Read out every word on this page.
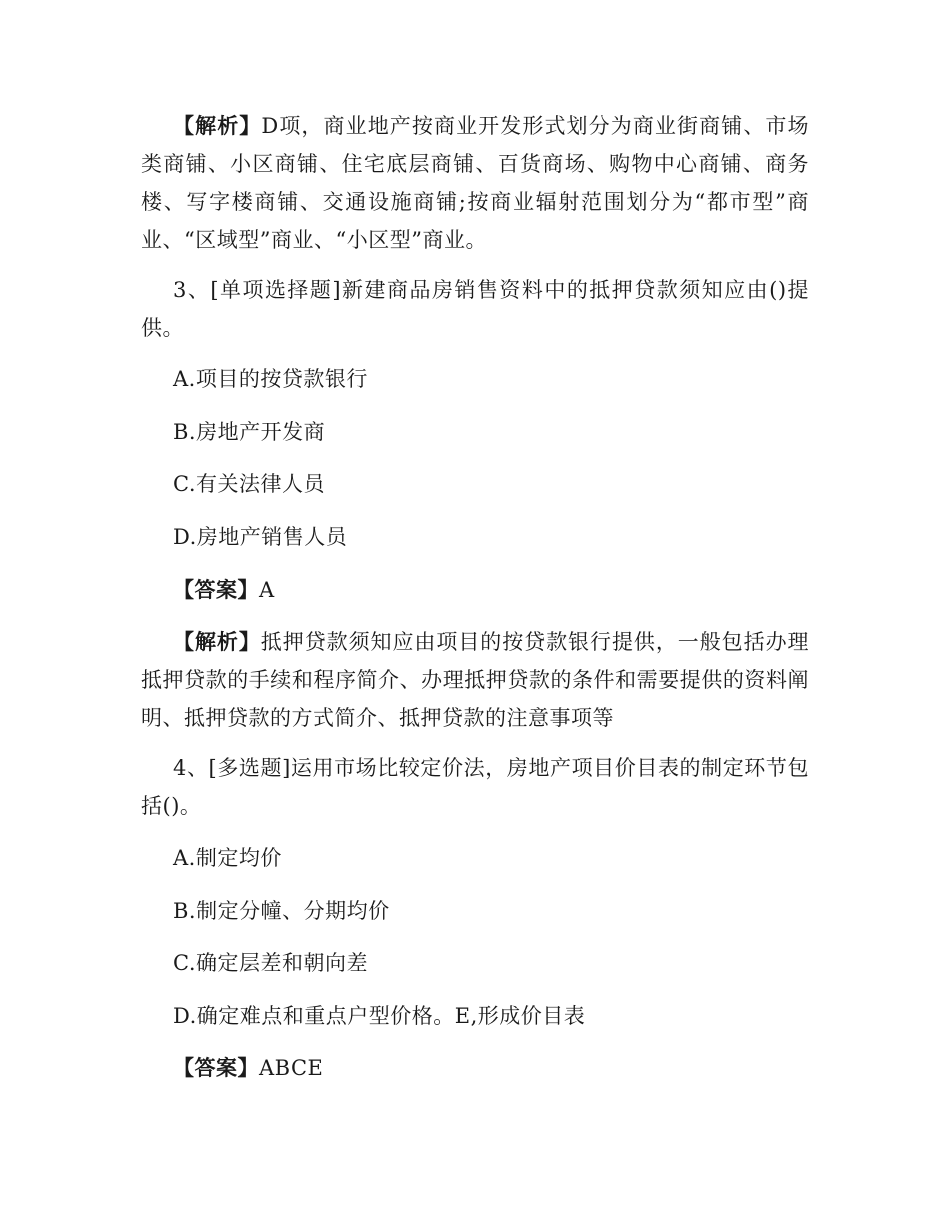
【解析】D项，商业地产按商业开发形式划分为商业街商铺、市场类商铺、小区商铺、住宅底层商铺、百货商场、购物中心商铺、商务楼、写字楼商铺、交通设施商铺;按商业辐射范围划分为“都市型”商业、“区域型”商业、“小区型”商业。
3、[单项选择题]新建商品房销售资料中的抵押贷款须知应由()提供。
A.项目的按贷款银行
B.房地产开发商
C.有关法律人员
D.房地产销售人员
【答案】A
【解析】抵押贷款须知应由项目的按贷款银行提供，一般包括办理抵押贷款的手续和程序简介、办理抵押贷款的条件和需要提供的资料阐明、抵押贷款的方式简介、抵押贷款的注意事项等
4、[多选题]运用市场比较定价法，房地产项目价目表的制定环节包括()。
A.制定均价
B.制定分幢、分期均价
C.确定层差和朝向差
D.确定难点和重点户型价格。E,形成价目表
【答案】ABCE
